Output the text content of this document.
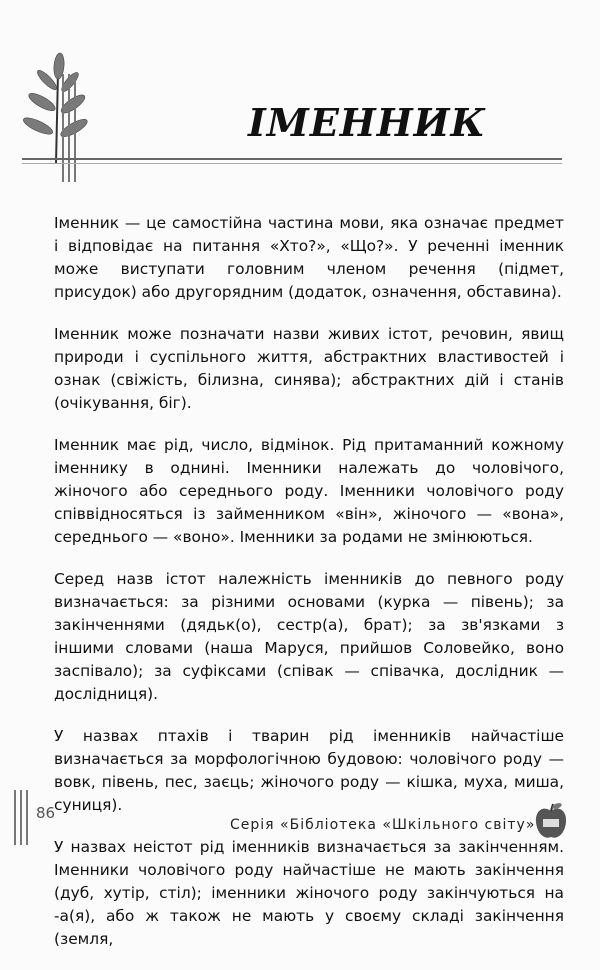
ІМЕННИК

Іменник — це самостійна частина мови, яка означає предмет і відповідає на питання «Хто?», «Що?». У реченні іменник може виступати головним членом речення (підмет, присудок) або другорядним (додаток, означення, обставина).

Іменник може позначати назви живих істот, речовин, явищ природи і суспільного життя, абстрактних властивостей і ознак (свіжість, білизна, синява); абстрактних дій і станів (очікування, біг).

Іменник має рід, число, відмінок. Рід притаманний кожному іменнику в однині. Іменники належать до чоловічого, жіночого або середнього роду. Іменники чоловічого роду співвідносяться із займенником «він», жіночого — «вона», середнього — «воно». Іменники за родами не змінюються.

Серед назв істот належність іменників до певного роду визначається: за різними основами (курка — півень); за закінченнями (дядьк(о), сестр(а), брат); за зв'язками з іншими словами (наша Маруся, прийшов Соловейко, воно заспівало); за суфіксами (співак — співачка, дослідник — дослідниця).

У назвах птахів і тварин рід іменників найчастіше визначається за морфологічною будовою: чоловічого роду — вовк, півень, пес, заєць; жіночого роду — кішка, муха, миша, суниця).

У назвах неістот рід іменників визначається за закінченням. Іменники чоловічого роду найчастіше не мають закінчення (дуб, хутір, стіл); іменники жіночого роду закінчуються на -а(я), або ж також не мають у своєму складі закінчення (земля,

86
Серія «Бібліотека «Шкільного світу»
